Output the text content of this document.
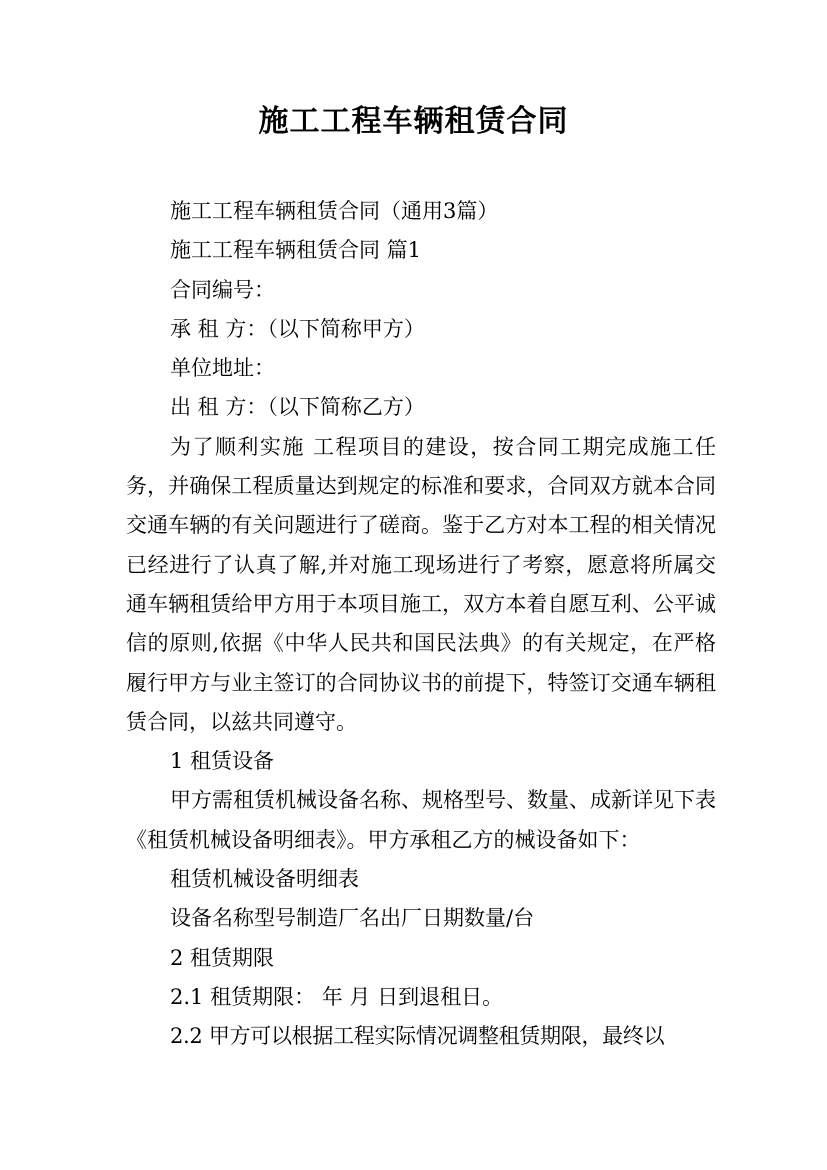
施工工程车辆租赁合同

施工工程车辆租赁合同（通用3篇）

施工工程车辆租赁合同 篇1

合同编号：

承 租 方：（以下简称甲方）

单位地址：

出 租 方：（以下简称乙方）

为了顺利实施 工程项目的建设，按合同工期完成施工任务，并确保工程质量达到规定的标准和要求，合同双方就本合同交通车辆的有关问题进行了磋商。鉴于乙方对本工程的相关情况已经进行了认真了解,并对施工现场进行了考察，愿意将所属交通车辆租赁给甲方用于本项目施工，双方本着自愿互利、公平诚信的原则,依据《中华人民共和国民法典》的有关规定，在严格履行甲方与业主签订的合同协议书的前提下，特签订交通车辆租赁合同，以兹共同遵守。

1 租赁设备

甲方需租赁机械设备名称、规格型号、数量、成新详见下表《租赁机械设备明细表》。甲方承租乙方的械设备如下：

租赁机械设备明细表

设备名称型号制造厂名出厂日期数量/台

2 租赁期限

2.1 租赁期限： 年 月 日到退租日。

2.2 甲方可以根据工程实际情况调整租赁期限，最终以
